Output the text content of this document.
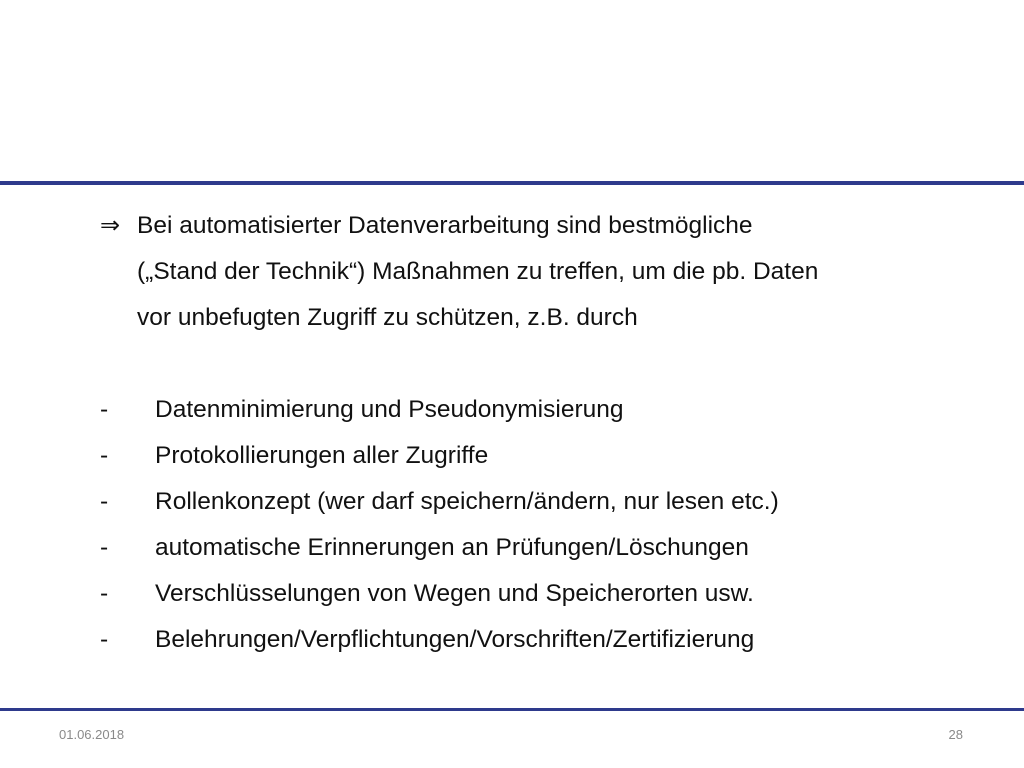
⇒ Bei automatisierter Datenverarbeitung sind bestmögliche
(„Stand der Technik“) Maßnahmen zu treffen, um die pb. Daten
vor unbefugten Zugriff zu schützen, z.B. durch
- Datenminimierung und Pseudonymisierung
- Protokollierungen aller Zugriffe
- Rollenkonzept (wer darf speichern/ändern, nur lesen etc.)
- automatische Erinnerungen an Prüfungen/Löschungen
- Verschlüsselungen von Wegen und Speicherorten usw.
- Belehrungen/Verpflichtungen/Vorschriften/Zertifizierung
01.06.2018	28
